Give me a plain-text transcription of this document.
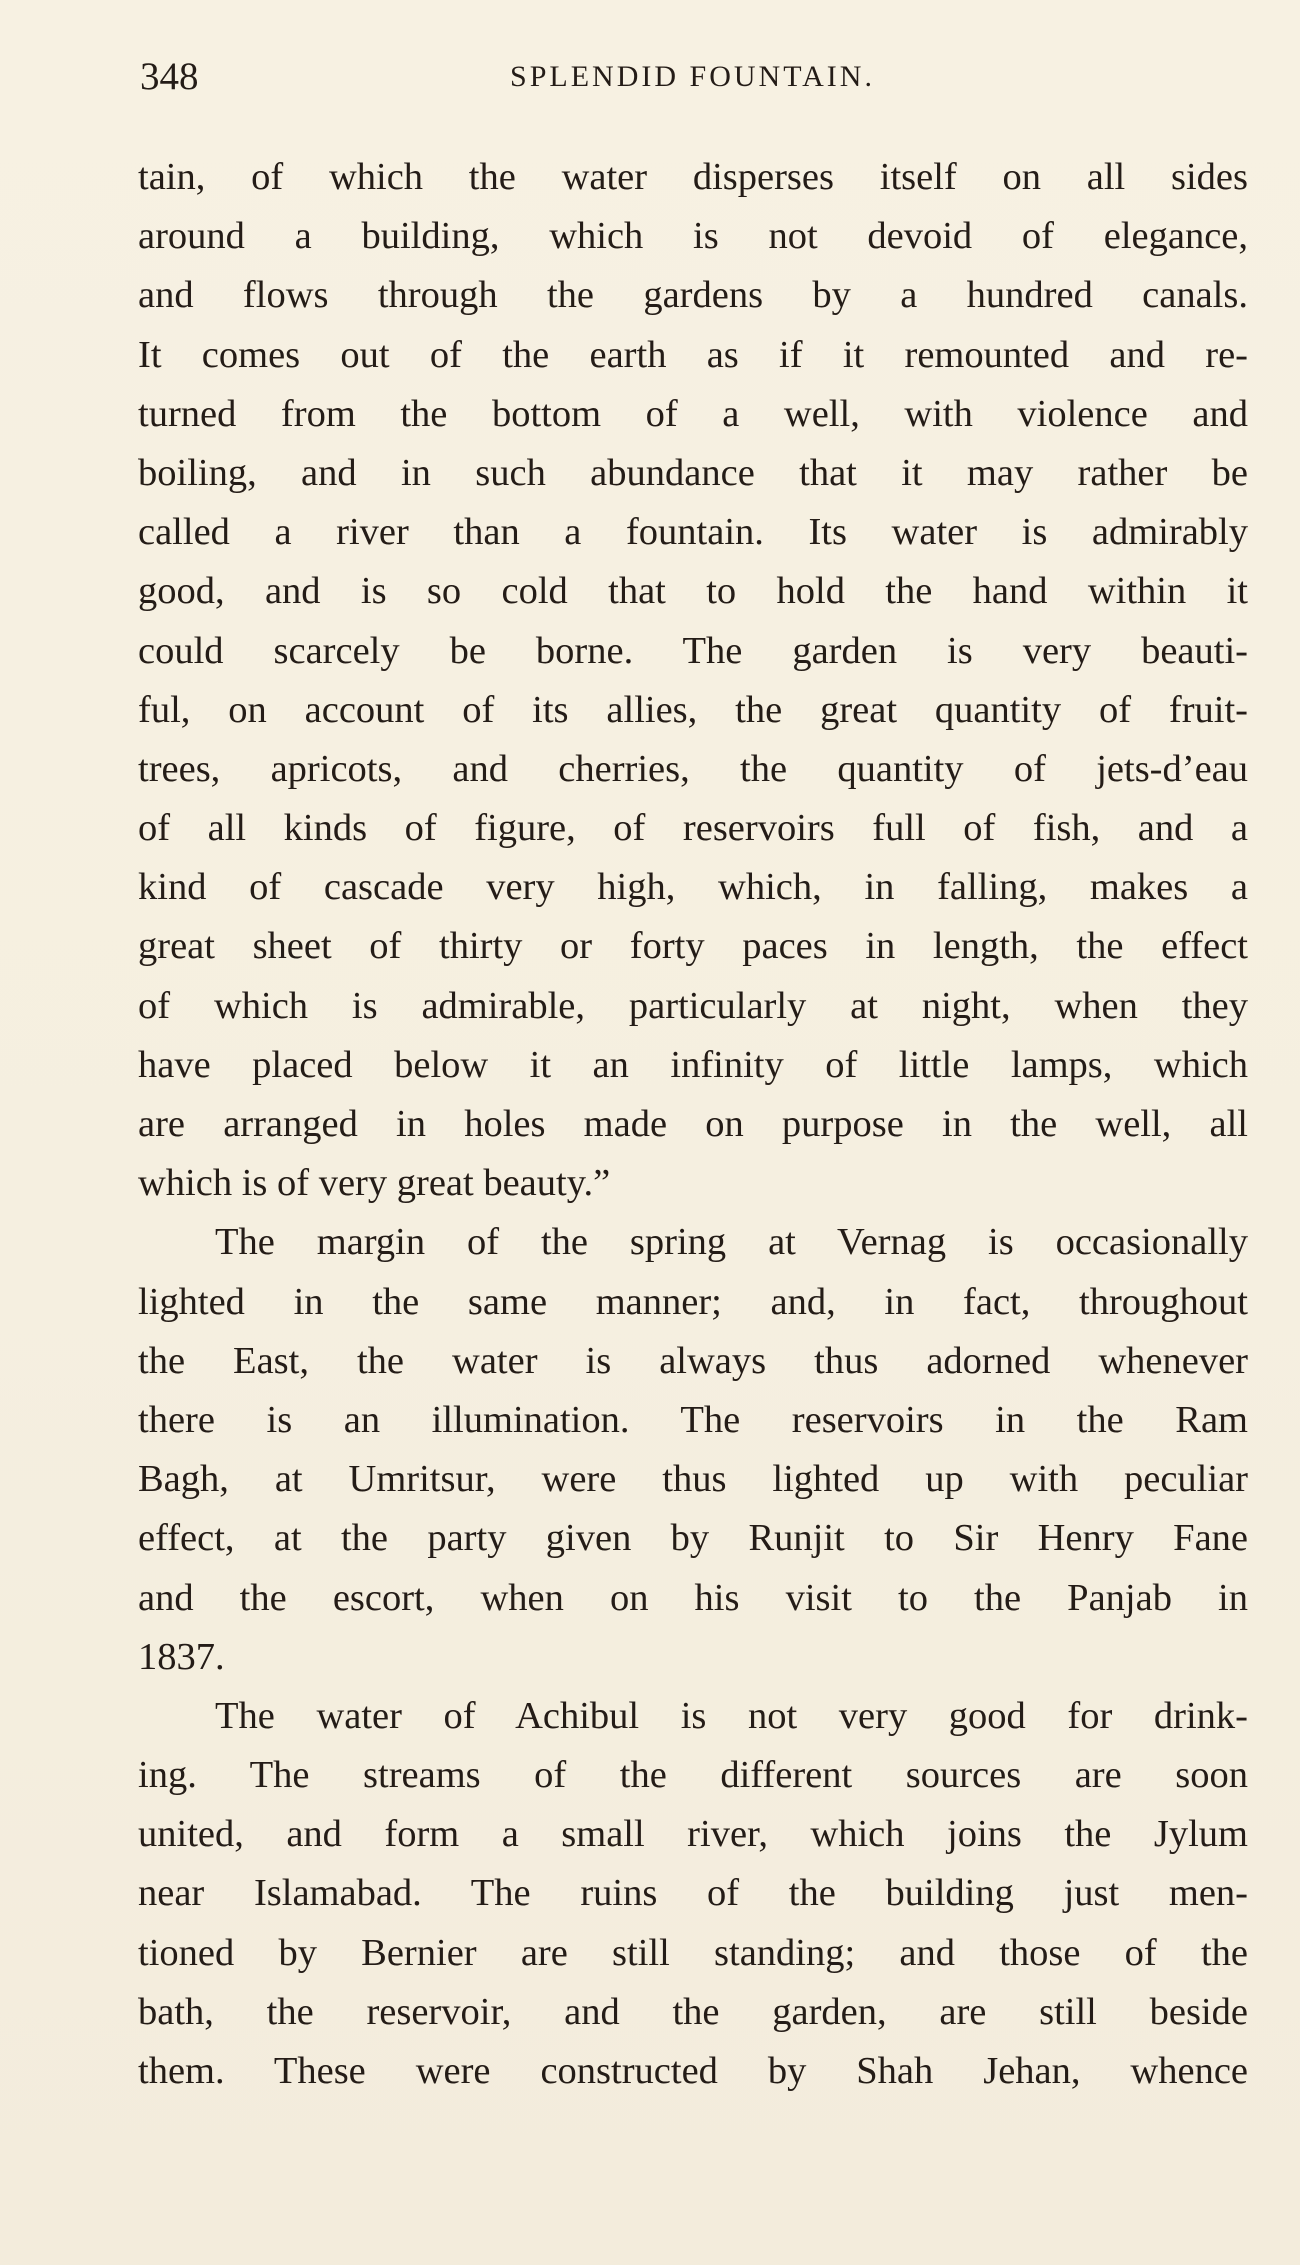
348	SPLENDID FOUNTAIN.
tain, of which the water disperses itself on all sides
around a building, which is not devoid of elegance,
and flows through the gardens by a hundred canals.
It comes out of the earth as if it remounted and re-
turned from the bottom of a well, with violence and
boiling, and in such abundance that it may rather be
called a river than a fountain. Its water is admirably
good, and is so cold that to hold the hand within it
could scarcely be borne. The garden is very beauti-
ful, on account of its allies, the great quantity of fruit-
trees, apricots, and cherries, the quantity of jets-d’eau
of all kinds of figure, of reservoirs full of fish, and a
kind of cascade very high, which, in falling, makes a
great sheet of thirty or forty paces in length, the effect
of which is admirable, particularly at night, when they
have placed below it an infinity of little lamps, which
are arranged in holes made on purpose in the well, all
which is of very great beauty.”
The margin of the spring at Vernag is occasionally
lighted in the same manner; and, in fact, throughout
the East, the water is always thus adorned whenever
there is an illumination. The reservoirs in the Ram
Bagh, at Umritsur, were thus lighted up with peculiar
effect, at the party given by Runjit to Sir Henry Fane
and the escort, when on his visit to the Panjab in
1837.
The water of Achibul is not very good for drink-
ing. The streams of the different sources are soon
united, and form a small river, which joins the Jylum
near Islamabad. The ruins of the building just men-
tioned by Bernier are still standing; and those of the
bath, the reservoir, and the garden, are still beside
them. These were constructed by Shah Jehan, whence
